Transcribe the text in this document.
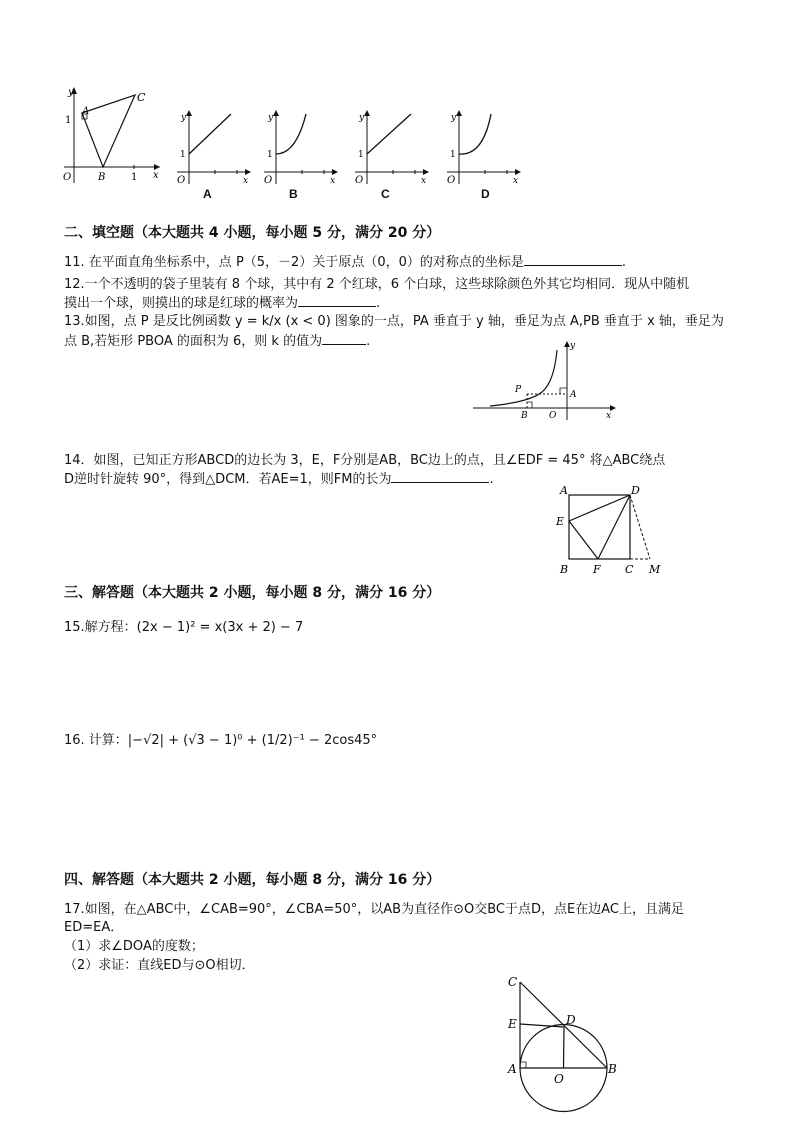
y
x
O
1
1
A
B
C
y
x
O
1
y
x
O
1
y
x
O
1
y
x
O
1
A	B	C	D
二、填空题（本大题共 4 小题，每小题 5 分，满分 20 分）
11. 在平面直角坐标系中，点 P（5，－2）关于原点（0，0）的对称点的坐标是	.
12.一个不透明的袋子里装有 8 个球，其中有 2 个红球，6 个白球，这些球除颜色外其它均相同．现从中随机
摸出一个球，则摸出的球是红球的概率为	.
13.如图，点 P 是反比例函数 y = k/x (x < 0) 图象的一点，PA 垂直于 y 轴，垂足为点 A,PB 垂直于 x 轴，垂足为
点 B,若矩形 PBOA 的面积为 6，则 k 的值为	.	y
x
P	A
B O
14．如图，已知正方形ABCD的边长为 3，E，F分别是AB，BC边上的点，且∠EDF = 45° 将△ABC绕点
D逆时针旋转 90°，得到△DCM．若AE=1，则FM的长为	.
A	D
E
B F C M
三、解答题（本大题共 2 小题，每小题 8 分，满分 16 分）
15.解方程：(2x − 1)² = x(3x + 2) − 7
16. 计算：|−√2| + (√3 − 1)⁰ + (1/2)⁻¹ − 2cos45°
四、解答题（本大题共 2 小题，每小题 8 分，满分 16 分）
17.如图，在△ABC中，∠CAB=90°，∠CBA=50°，以AB为直径作⊙O交BC于点D，点E在边AC上，且满足
ED=EA．
（1）求∠DOA的度数；
（2）求证：直线ED与⊙O相切．
C
E	D
A
O
B
